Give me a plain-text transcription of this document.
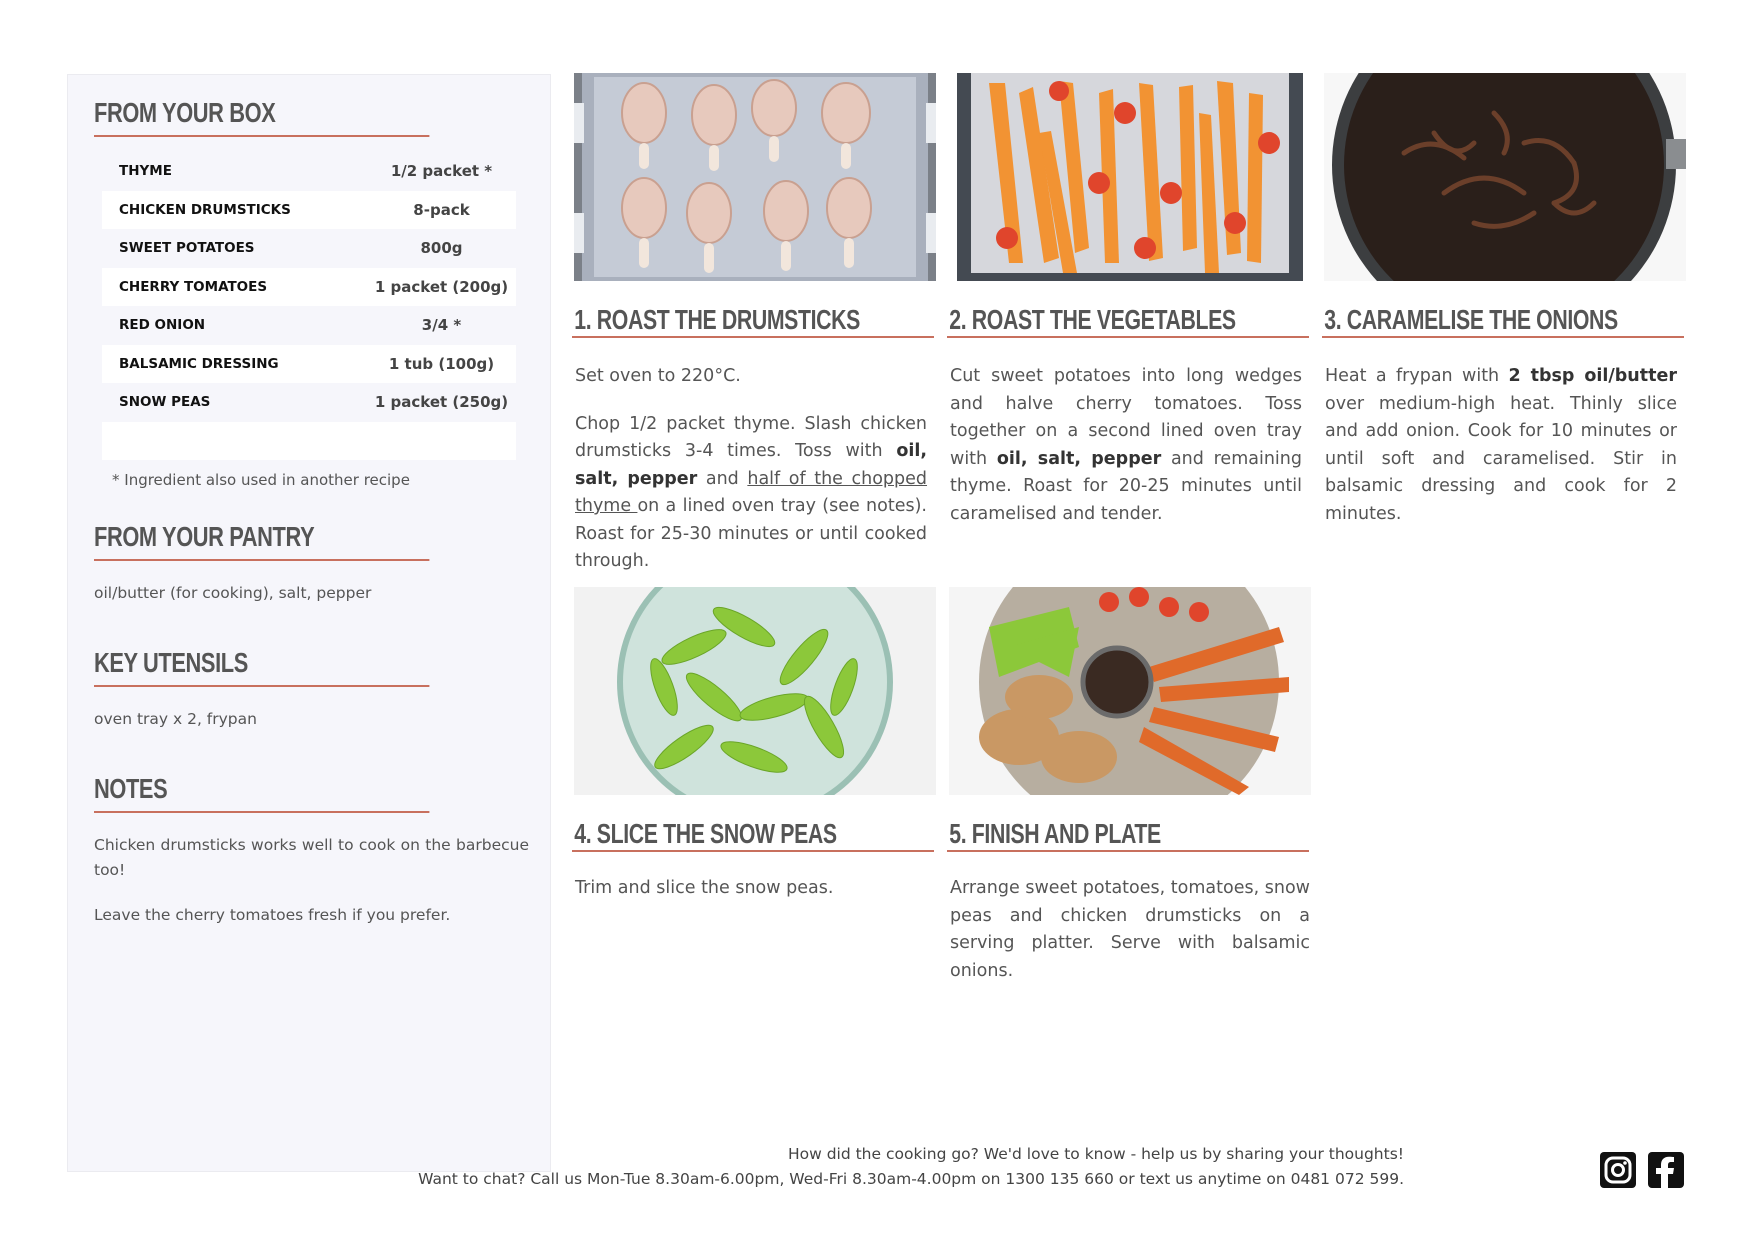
FROM YOUR BOX
THYME	1/2 packet *
CHICKEN DRUMSTICKS	8-pack
SWEET POTATOES	800g
CHERRY TOMATOES	1 packet (200g)
RED ONION	3/4 *
BALSAMIC DRESSING	1 tub (100g)
SNOW PEAS	1 packet (250g)
* Ingredient also used in another recipe
FROM YOUR PANTRY
oil/butter (for cooking), salt, pepper
KEY UTENSILS
oven tray x 2, frypan
NOTES
Chicken drumsticks works well to cook on the barbecue too!
Leave the cherry tomatoes fresh if you prefer.
1. ROAST THE DRUMSTICKS

Set oven to 220°C.

Chop 1/2 packet thyme. Slash chicken drumsticks 3-4 times. Toss with oil, salt, pepper and half of the chopped thyme on a lined oven tray (see notes). Roast for 25-30 minutes or until cooked through.

2. ROAST THE VEGETABLES

Cut sweet potatoes into long wedges and halve cherry tomatoes. Toss together on a second lined oven tray with oil, salt, pepper and remaining thyme. Roast for 20-25 minutes until caramelised and tender.

3. CARAMELISE THE ONIONS

Heat a frypan with 2 tbsp oil/butter over medium-high heat. Thinly slice and add onion. Cook for 10 minutes or until soft and caramelised. Stir in balsamic dressing and cook for 2 minutes.

4. SLICE THE SNOW PEAS

Trim and slice the snow peas.

5. FINISH AND PLATE

Arrange sweet potatoes, tomatoes, snow peas and chicken drumsticks on a serving platter. Serve with balsamic onions.

How did the cooking go? We'd love to know - help us by sharing your thoughts!
Want to chat? Call us Mon-Tue 8.30am-6.00pm, Wed-Fri 8.30am-4.00pm on 1300 135 660 or text us anytime on 0481 072 599.
